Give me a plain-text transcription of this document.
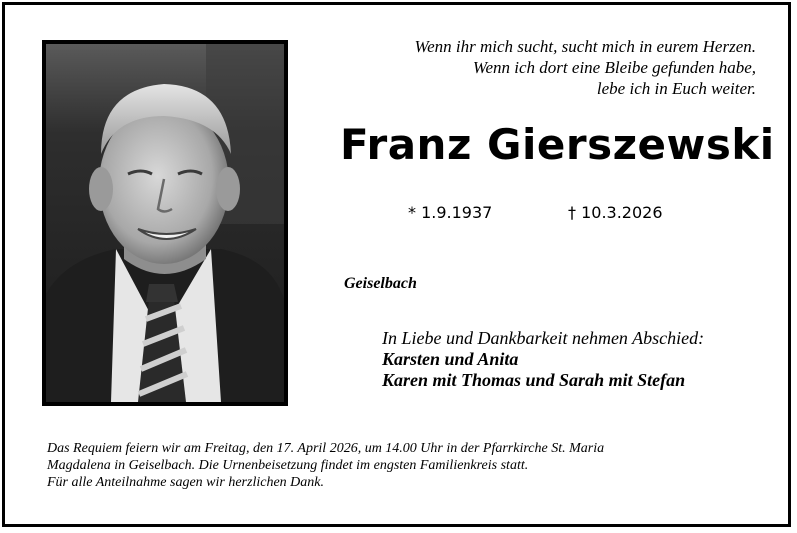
Wenn ihr mich sucht, sucht mich in eurem Herzen.
Wenn ich dort eine Bleibe gefunden habe,
lebe ich in Euch weiter.
Franz Gierszewski
* 1.9.1937	† 10.3.2026
Geiselbach
In Liebe und Dankbarkeit nehmen Abschied:
Karsten und Anita
Karen mit Thomas und Sarah mit Stefan
Das Requiem feiern wir am Freitag, den 17. April 2026, um 14.00 Uhr in der Pfarrkirche St. Maria
Magdalena in Geiselbach. Die Urnenbeisetzung findet im engsten Familienkreis statt.
Für alle Anteilnahme sagen wir herzlichen Dank.
